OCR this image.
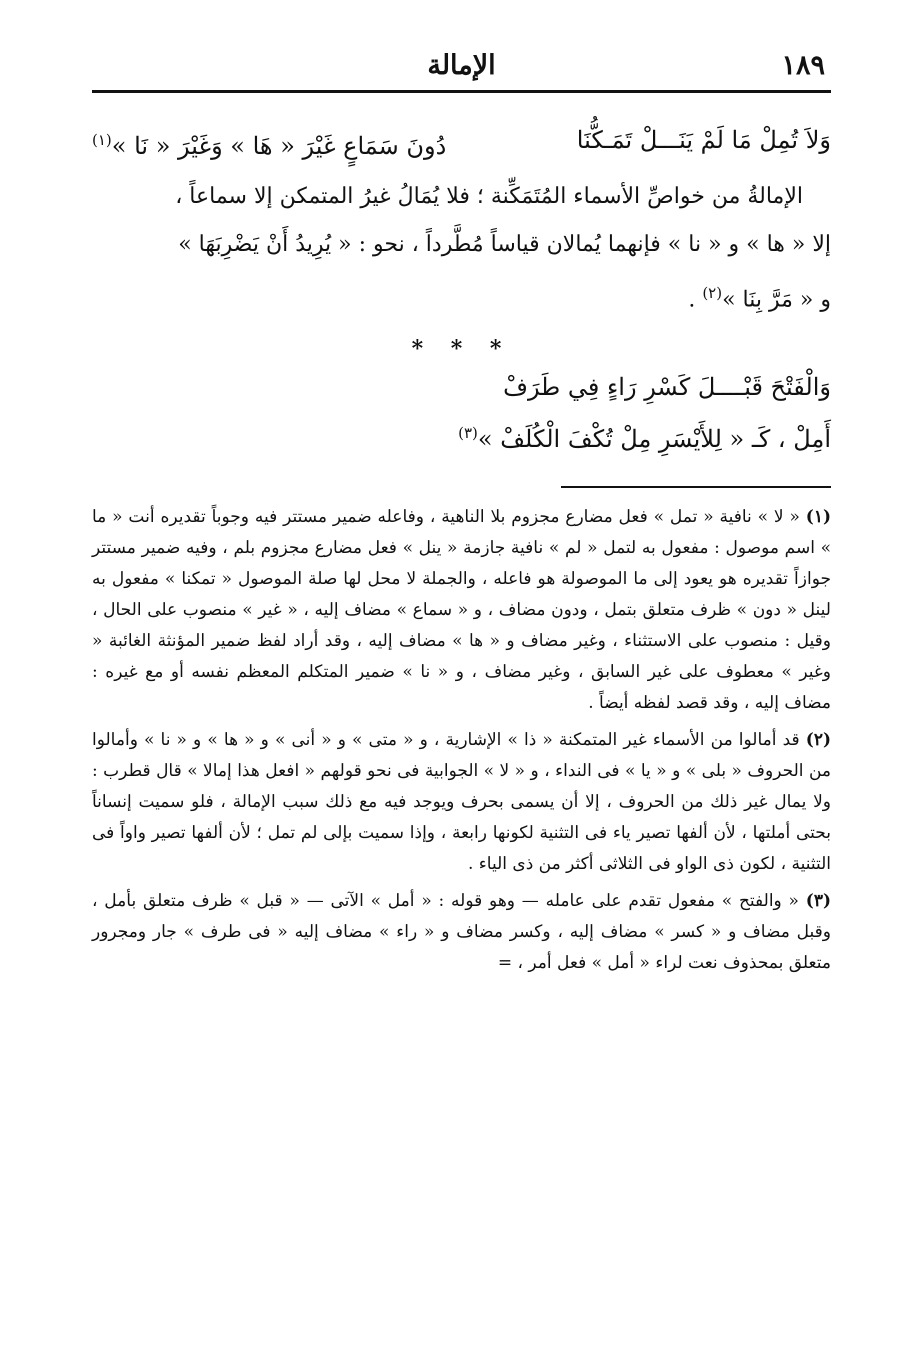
الإمالة	١٨٩
وَلاَ تُمِلْ مَا لَمْ يَنَـــلْ تَمَـكُّنَا
دُونَ سَمَاعٍ غَيْرَ « هَا » وَغَيْرَ « نَا »$^{(١)}$

الإمالةُ من خواصِّ الأسماء المُتَمَكِّنة ؛ فلا يُمَالُ غيرُ المتمكن إلا سماعاً ،

إلا « ها » و « نا » فإنهما يُمالان قياساً مُطَّرداً ، نحو : « يُرِيدُ أَنْ يَضْرِبَهَا »

و « مَرَّ بِنَا »$^{(٢)}$ .

* * *
وَالْفَتْحَ قَبْــــلَ كَسْرِ رَاءٍ فِي طَرَفْ
أَمِلْ ، كَـ « لِلأَيْسَرِ مِلْ تُكْفَ الْكُلَفْ »$^{(٣)}$

(١) « لا » نافية « تمل » فعل مضارع مجزوم بلا الناهية ، وفاعله ضمير مستتر فيه وجوباً تقديره أنت « ما » اسم موصول : مفعول به لتمل « لم » نافية جازمة « ينل » فعل مضارع مجزوم بلم ، وفيه ضمير مستتر جوازاً تقديره هو يعود إلى ما الموصولة هو فاعله ، والجملة لا محل لها صلة الموصول « تمكنا » مفعول به لينل « دون » ظرف متعلق بتمل ، ودون مضاف ، و « سماع » مضاف إليه ، « غير » منصوب على الحال ، وقيل : منصوب على الاستثناء ، وغير مضاف و « ها » مضاف إليه ، وقد أراد لفظ ضمير المؤنثة الغائبة « وغير » معطوف على غير السابق ، وغير مضاف ، و « نا » ضمير المتكلم المعظم نفسه أو مع غيره : مضاف إليه ، وقد قصد لفظه أيضاً .

(٢) قد أمالوا من الأسماء غير المتمكنة « ذا » الإشارية ، و « متى » و « أنى » و « ها » و « نا » وأمالوا من الحروف « بلى » و « يا » فى النداء ، و « لا » الجوابية فى نحو قولهم « افعل هذا إمالا » قال قطرب : ولا يمال غير ذلك من الحروف ، إلا أن يسمى بحرف ويوجد فيه مع ذلك سبب الإمالة ، فلو سميت إنساناً بحتى أملتها ، لأن ألفها تصير ياء فى التثنية لكونها رابعة ، وإذا سميت بإلى لم تمل ؛ لأن ألفها تصير واواً فى التثنية ، لكون ذى الواو فى الثلاثى أكثر من ذى الياء .

(٣) « والفتح » مفعول تقدم على عامله — وهو قوله : « أمل » الآتى — « قبل » ظرف متعلق بأمل ، وقبل مضاف و « كسر » مضاف إليه ، وكسر مضاف و « راء » مضاف إليه « فى طرف » جار ومجرور متعلق بمحذوف نعت لراء « أمل » فعل أمر ، =
